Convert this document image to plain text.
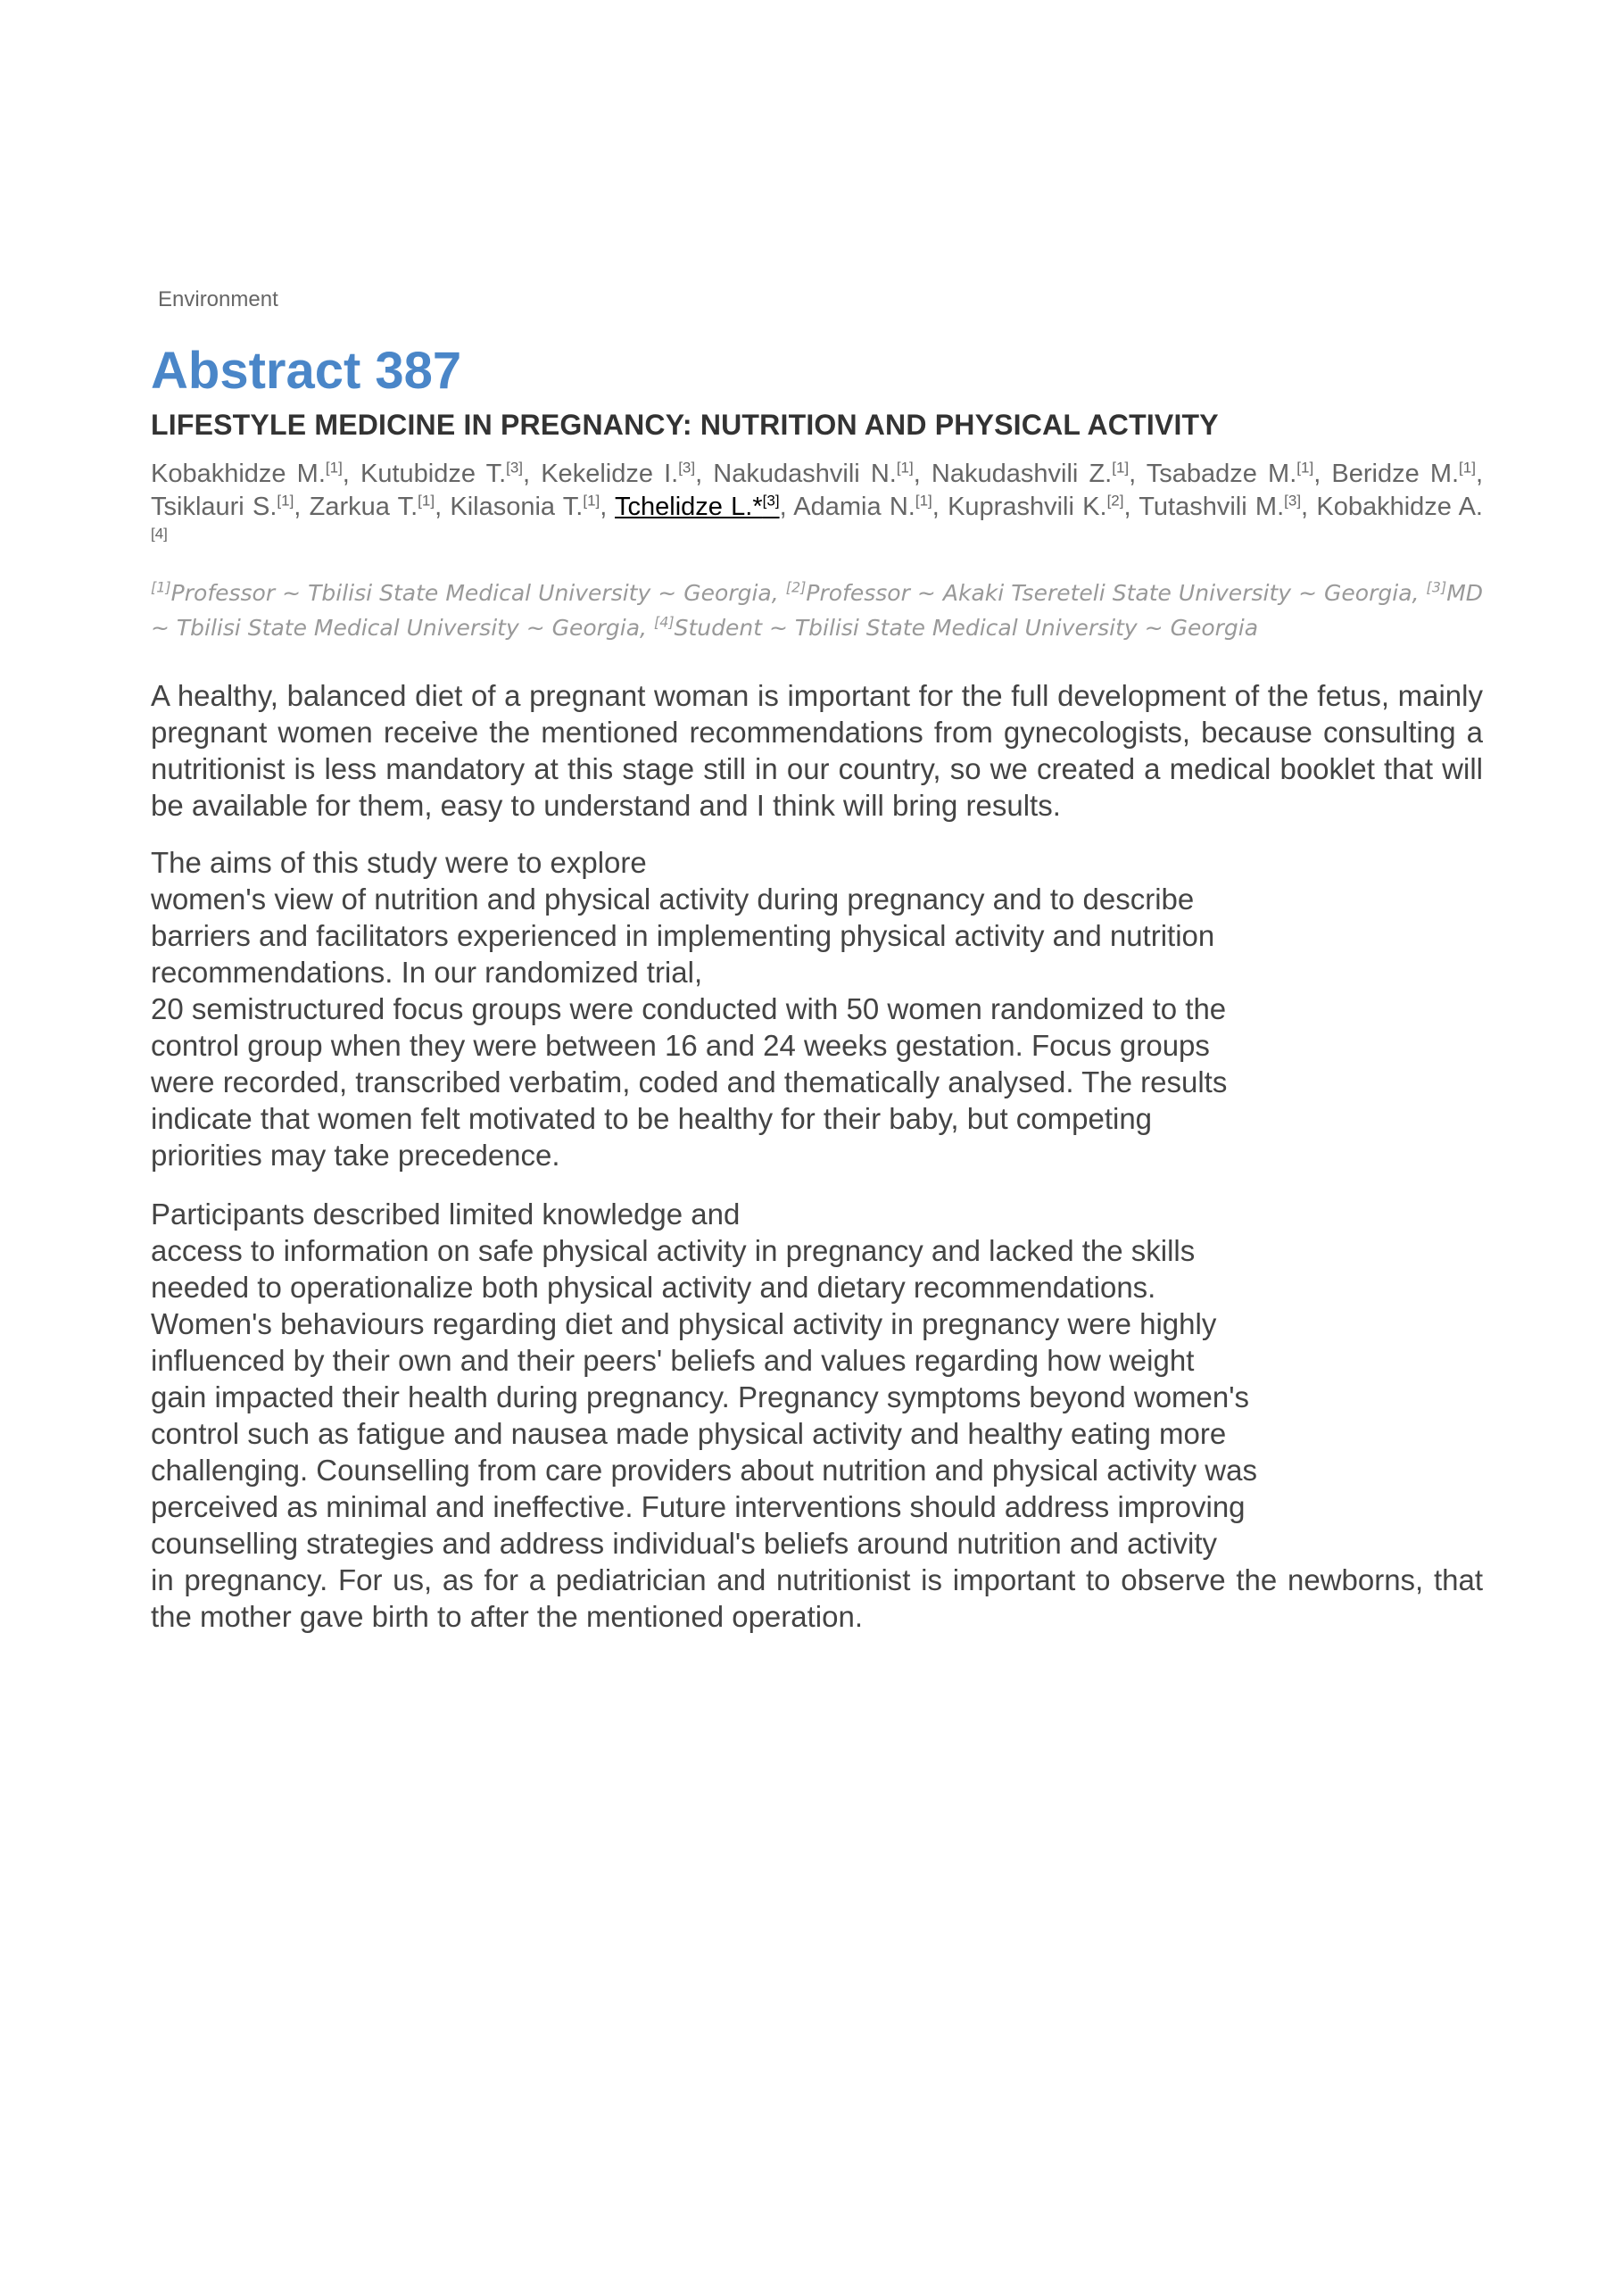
Environment
Abstract 387
LIFESTYLE MEDICINE IN PREGNANCY: NUTRITION AND PHYSICAL ACTIVITY
Kobakhidze M.[1], Kutubidze T.[3], Kekelidze I.[3], Nakudashvili N.[1], Nakudashvili Z.[1], Tsabadze M.[1], Beridze M.[1], Tsiklauri S.[1], Zarkua T.[1], Kilasonia T.[1], Tchelidze L.*[3], Adamia N.[1], Kuprashvili K.[2], Tutashvili M.[3], Kobakhidze A.[4]
[1]Professor ~ Tbilisi State Medical University ~ Georgia, [2]Professor ~ Akaki Tsereteli State University ~ Georgia, [3]MD ~ Tbilisi State Medical University ~ Georgia, [4]Student ~ Tbilisi State Medical University ~ Georgia
A healthy, balanced diet of a pregnant woman is important for the full development of the fetus, mainly pregnant women receive the mentioned recommendations from gynecologists, because consulting a nutritionist is less mandatory at this stage still in our country, so we created a medical booklet that will be available for them, easy to understand and I think will bring results.
The aims of this study were to explore
women's view of nutrition and physical activity during pregnancy and to describe
barriers and facilitators experienced in implementing physical activity and nutrition
recommendations. In our randomized trial,
20 semistructured focus groups were conducted with 50 women randomized to the
control group when they were between 16 and 24 weeks gestation. Focus groups
were recorded, transcribed verbatim, coded and thematically analysed. The results
indicate that women felt motivated to be healthy for their baby, but competing
priorities may take precedence.
Participants described limited knowledge and
access to information on safe physical activity in pregnancy and lacked the skills
needed to operationalize both physical activity and dietary recommendations.
Women's behaviours regarding diet and physical activity in pregnancy were highly
influenced by their own and their peers' beliefs and values regarding how weight
gain impacted their health during pregnancy. Pregnancy symptoms beyond women's
control such as fatigue and nausea made physical activity and healthy eating more
challenging. Counselling from care providers about nutrition and physical activity was
perceived as minimal and ineffective. Future interventions should address improving
counselling strategies and address individual's beliefs around nutrition and activity
in pregnancy. For us, as for a pediatrician and nutritionist is important to observe the newborns, that
the mother gave birth to after the mentioned operation.
